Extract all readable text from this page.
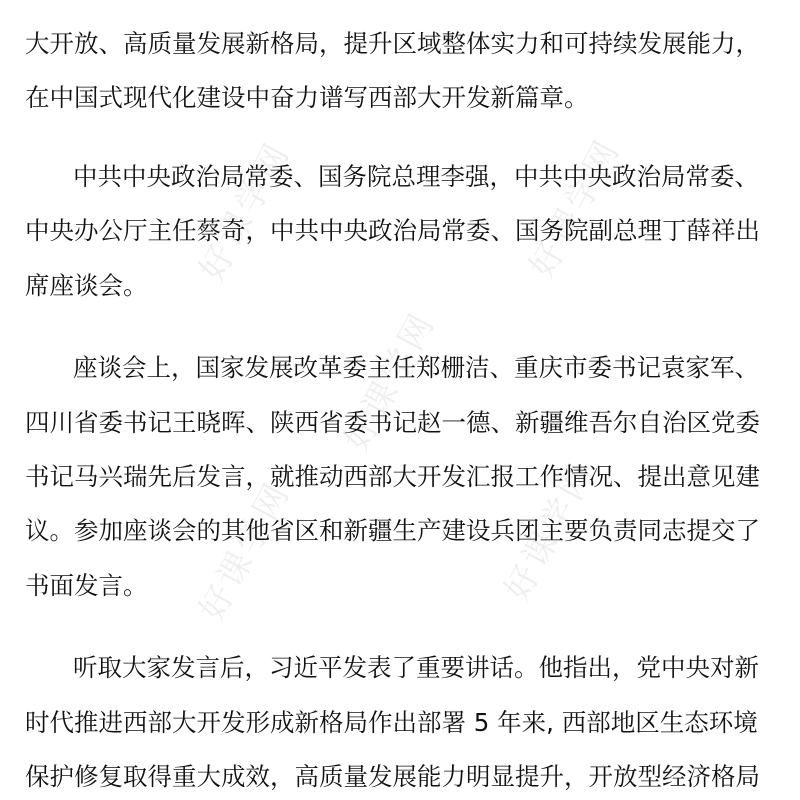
好课学网	好课学网
好课学网
好课学网	好课学网
大开放、高质量发展新格局，提升区域整体实力和可持续发展能力，
在中国式现代化建设中奋力谱写西部大开发新篇章。
中共中央政治局常委、国务院总理李强，中共中央政治局常委、
中央办公厅主任蔡奇，中共中央政治局常委、国务院副总理丁薛祥出
席座谈会。
座谈会上，国家发展改革委主任郑栅洁、重庆市委书记袁家军、
四川省委书记王晓晖、陕西省委书记赵一德、新疆维吾尔自治区党委
书记马兴瑞先后发言，就推动西部大开发汇报工作情况、提出意见建
议。参加座谈会的其他省区和新疆生产建设兵团主要负责同志提交了
书面发言。
听取大家发言后，习近平发表了重要讲话。他指出，党中央对新
时代推进西部大开发形成新格局作出部署 5 年来, 西部地区生态环境
保护修复取得重大成效，高质量发展能力明显提升，开放型经济格局
